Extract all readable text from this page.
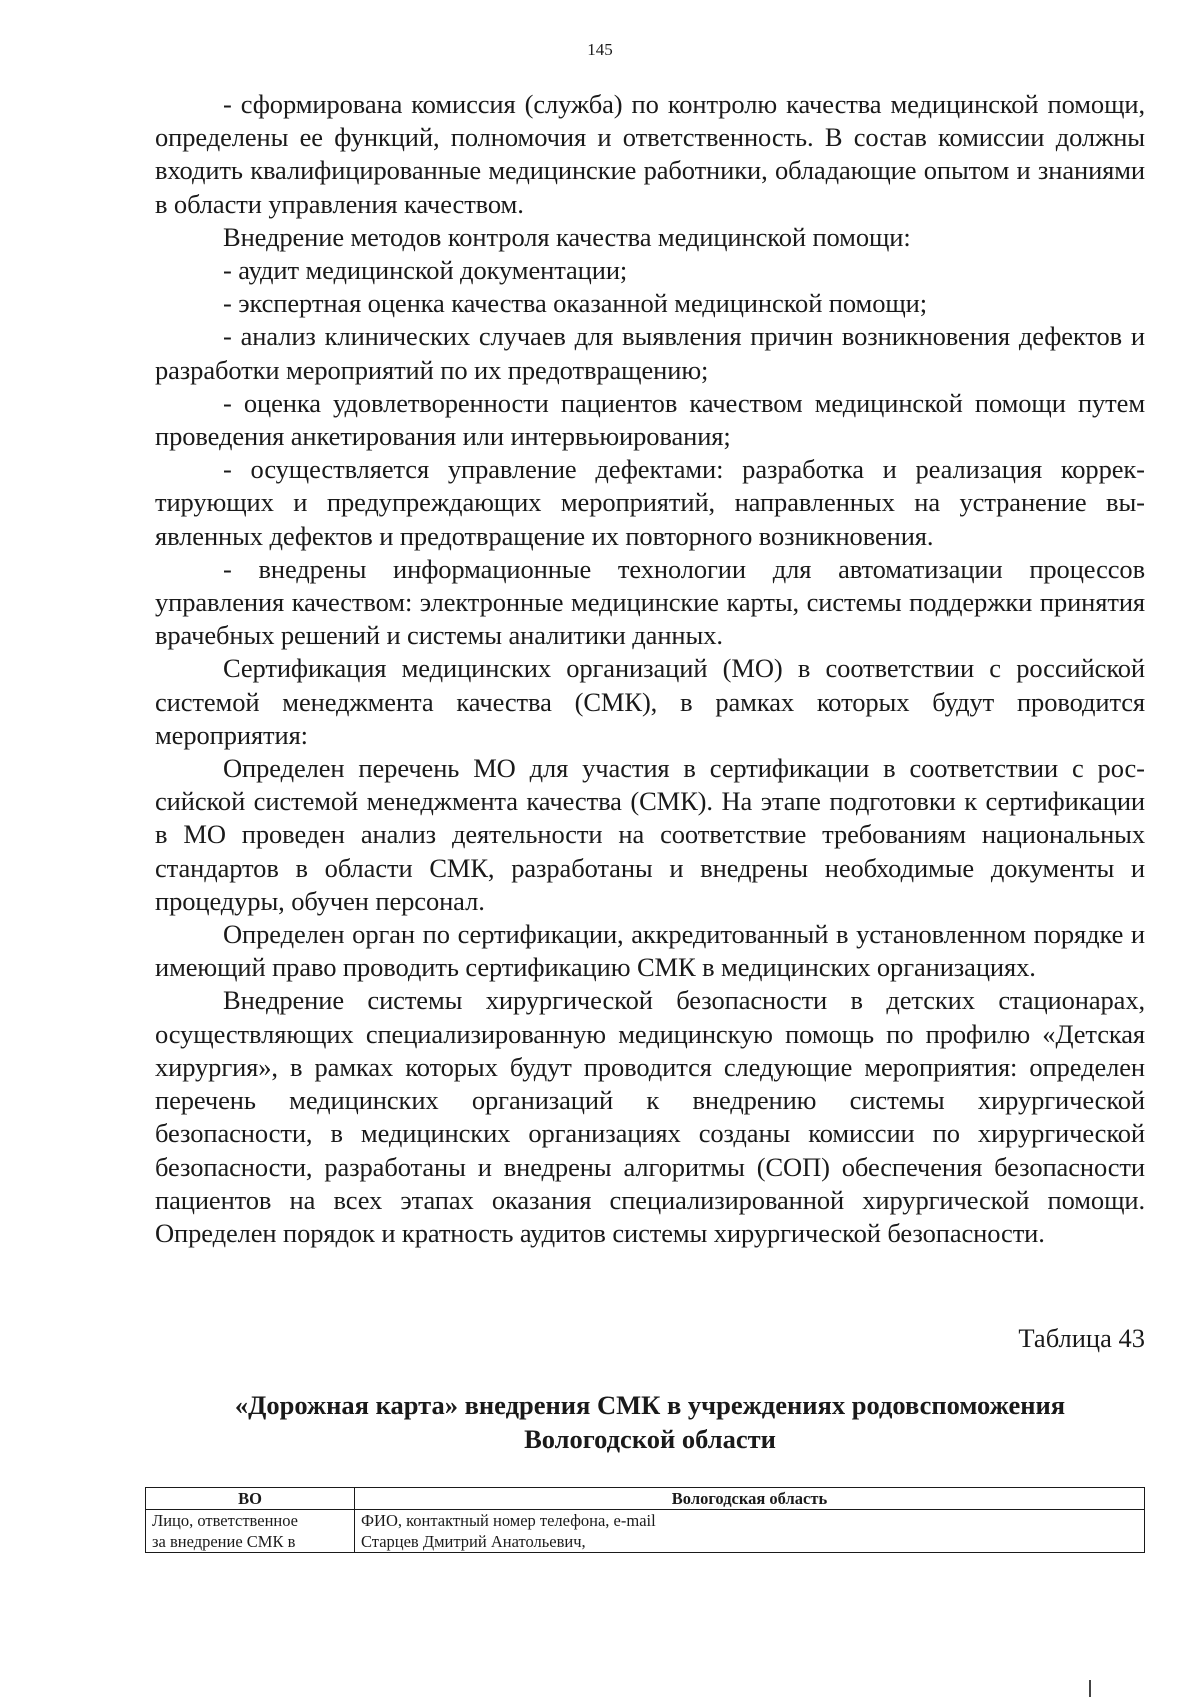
145

- сформирована комиссия (служба) по контролю качества медицинской помощи, определены ее функций, полномочия и ответственность. В состав комиссии должны входить квалифицированные медицинские работники, обладающие опытом и знаниями в области управления качеством.

Внедрение методов контроля качества медицинской помощи:

- аудит медицинской документации;

- экспертная оценка качества оказанной медицинской помощи;

- анализ клинических случаев для выявления причин возникновения дефектов и разработки мероприятий по их предотвращению;

- оценка удовлетворенности пациентов качеством медицинской помощи путем проведения анкетирования или интервьюирования;

- осуществляется управление дефектами: разработка и реализация корректирующих и предупреждающих мероприятий, направленных на устранение выявленных дефектов и предотвращение их повторного возникновения.

- внедрены информационные технологии для автоматизации процессов управления качеством: электронные медицинские карты, системы поддержки принятия врачебных решений и системы аналитики данных.

Сертификация медицинских организаций (МО) в соответствии с российской системой менеджмента качества (СМК), в рамках которых будут проводится мероприятия:

Определен перечень МО для участия в сертификации в соответствии с российской системой менеджмента качества (СМК). На этапе подготовки к сертификации в МО проведен анализ деятельности на соответствие требованиям национальных стандартов в области СМК, разработаны и внедрены необходимые документы и процедуры, обучен персонал.

Определен орган по сертификации, аккредитованный в установленном порядке и имеющий право проводить сертификацию СМК в медицинских организациях.

Внедрение системы хирургической безопасности в детских стационарах, осуществляющих специализированную медицинскую помощь по профилю «Детская хирургия», в рамках которых будут проводится следующие мероприятия: определен перечень медицинских организаций к внедрению системы хирургической безопасности, в медицинских организациях созданы комиссии по хирургической безопасности, разработаны и внедрены алгоритмы (СОП) обеспечения безопасности пациентов на всех этапах оказания специализированной хирургической помощи. Определен порядок и кратность аудитов системы хирургической безопасности.

Таблица 43
«Дорожная карта» внедрения СМК в учреждениях родовспоможения
Вологодской области
ВО	Вологодская область
Лицо, ответственное	ФИО, контактный номер телефона, e-mail
за внедрение СМК в	Старцев Дмитрий Анатольевич,
